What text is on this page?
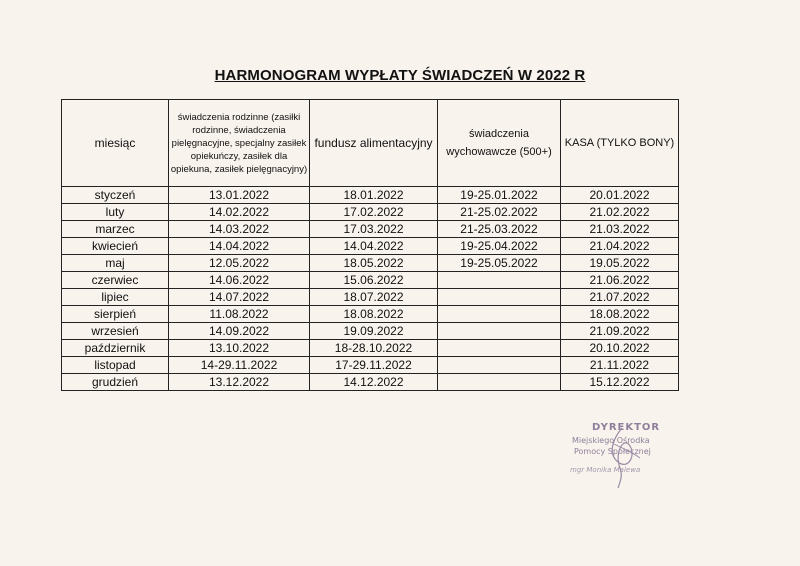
HARMONOGRAM WYPŁATY ŚWIADCZEŃ W 2022 R
miesiąc	świadczenia rodzinne (zasiłki rodzinne, świadczenia pielęgnacyjne, specjalny zasiłek opiekuńczy, zasiłek dla opiekuna, zasiłek pielęgnacyjny)	fundusz alimentacyjny	świadczenia wychowawcze (500+)	KASA (TYLKO BONY)
styczeń	13.01.2022	18.01.2022	19-25.01.2022	20.01.2022
luty	14.02.2022	17.02.2022	21-25.02.2022	21.02.2022
marzec	14.03.2022	17.03.2022	21-25.03.2022	21.03.2022
kwiecień	14.04.2022	14.04.2022	19-25.04.2022	21.04.2022
maj	12.05.2022	18.05.2022	19-25.05.2022	19.05.2022
czerwiec	14.06.2022	15.06.2022		21.06.2022
lipiec	14.07.2022	18.07.2022		21.07.2022
sierpień	11.08.2022	18.08.2022		18.08.2022
wrzesień	14.09.2022	19.09.2022		21.09.2022
październik	13.10.2022	18-28.10.2022		20.10.2022
listopad	14-29.11.2022	17-29.11.2022		21.11.2022
grudzień	13.12.2022	14.12.2022		15.12.2022
DYREKTOR
Miejskiego Ośrodka
Pomocy Społecznej
mgr Monika Malewa
